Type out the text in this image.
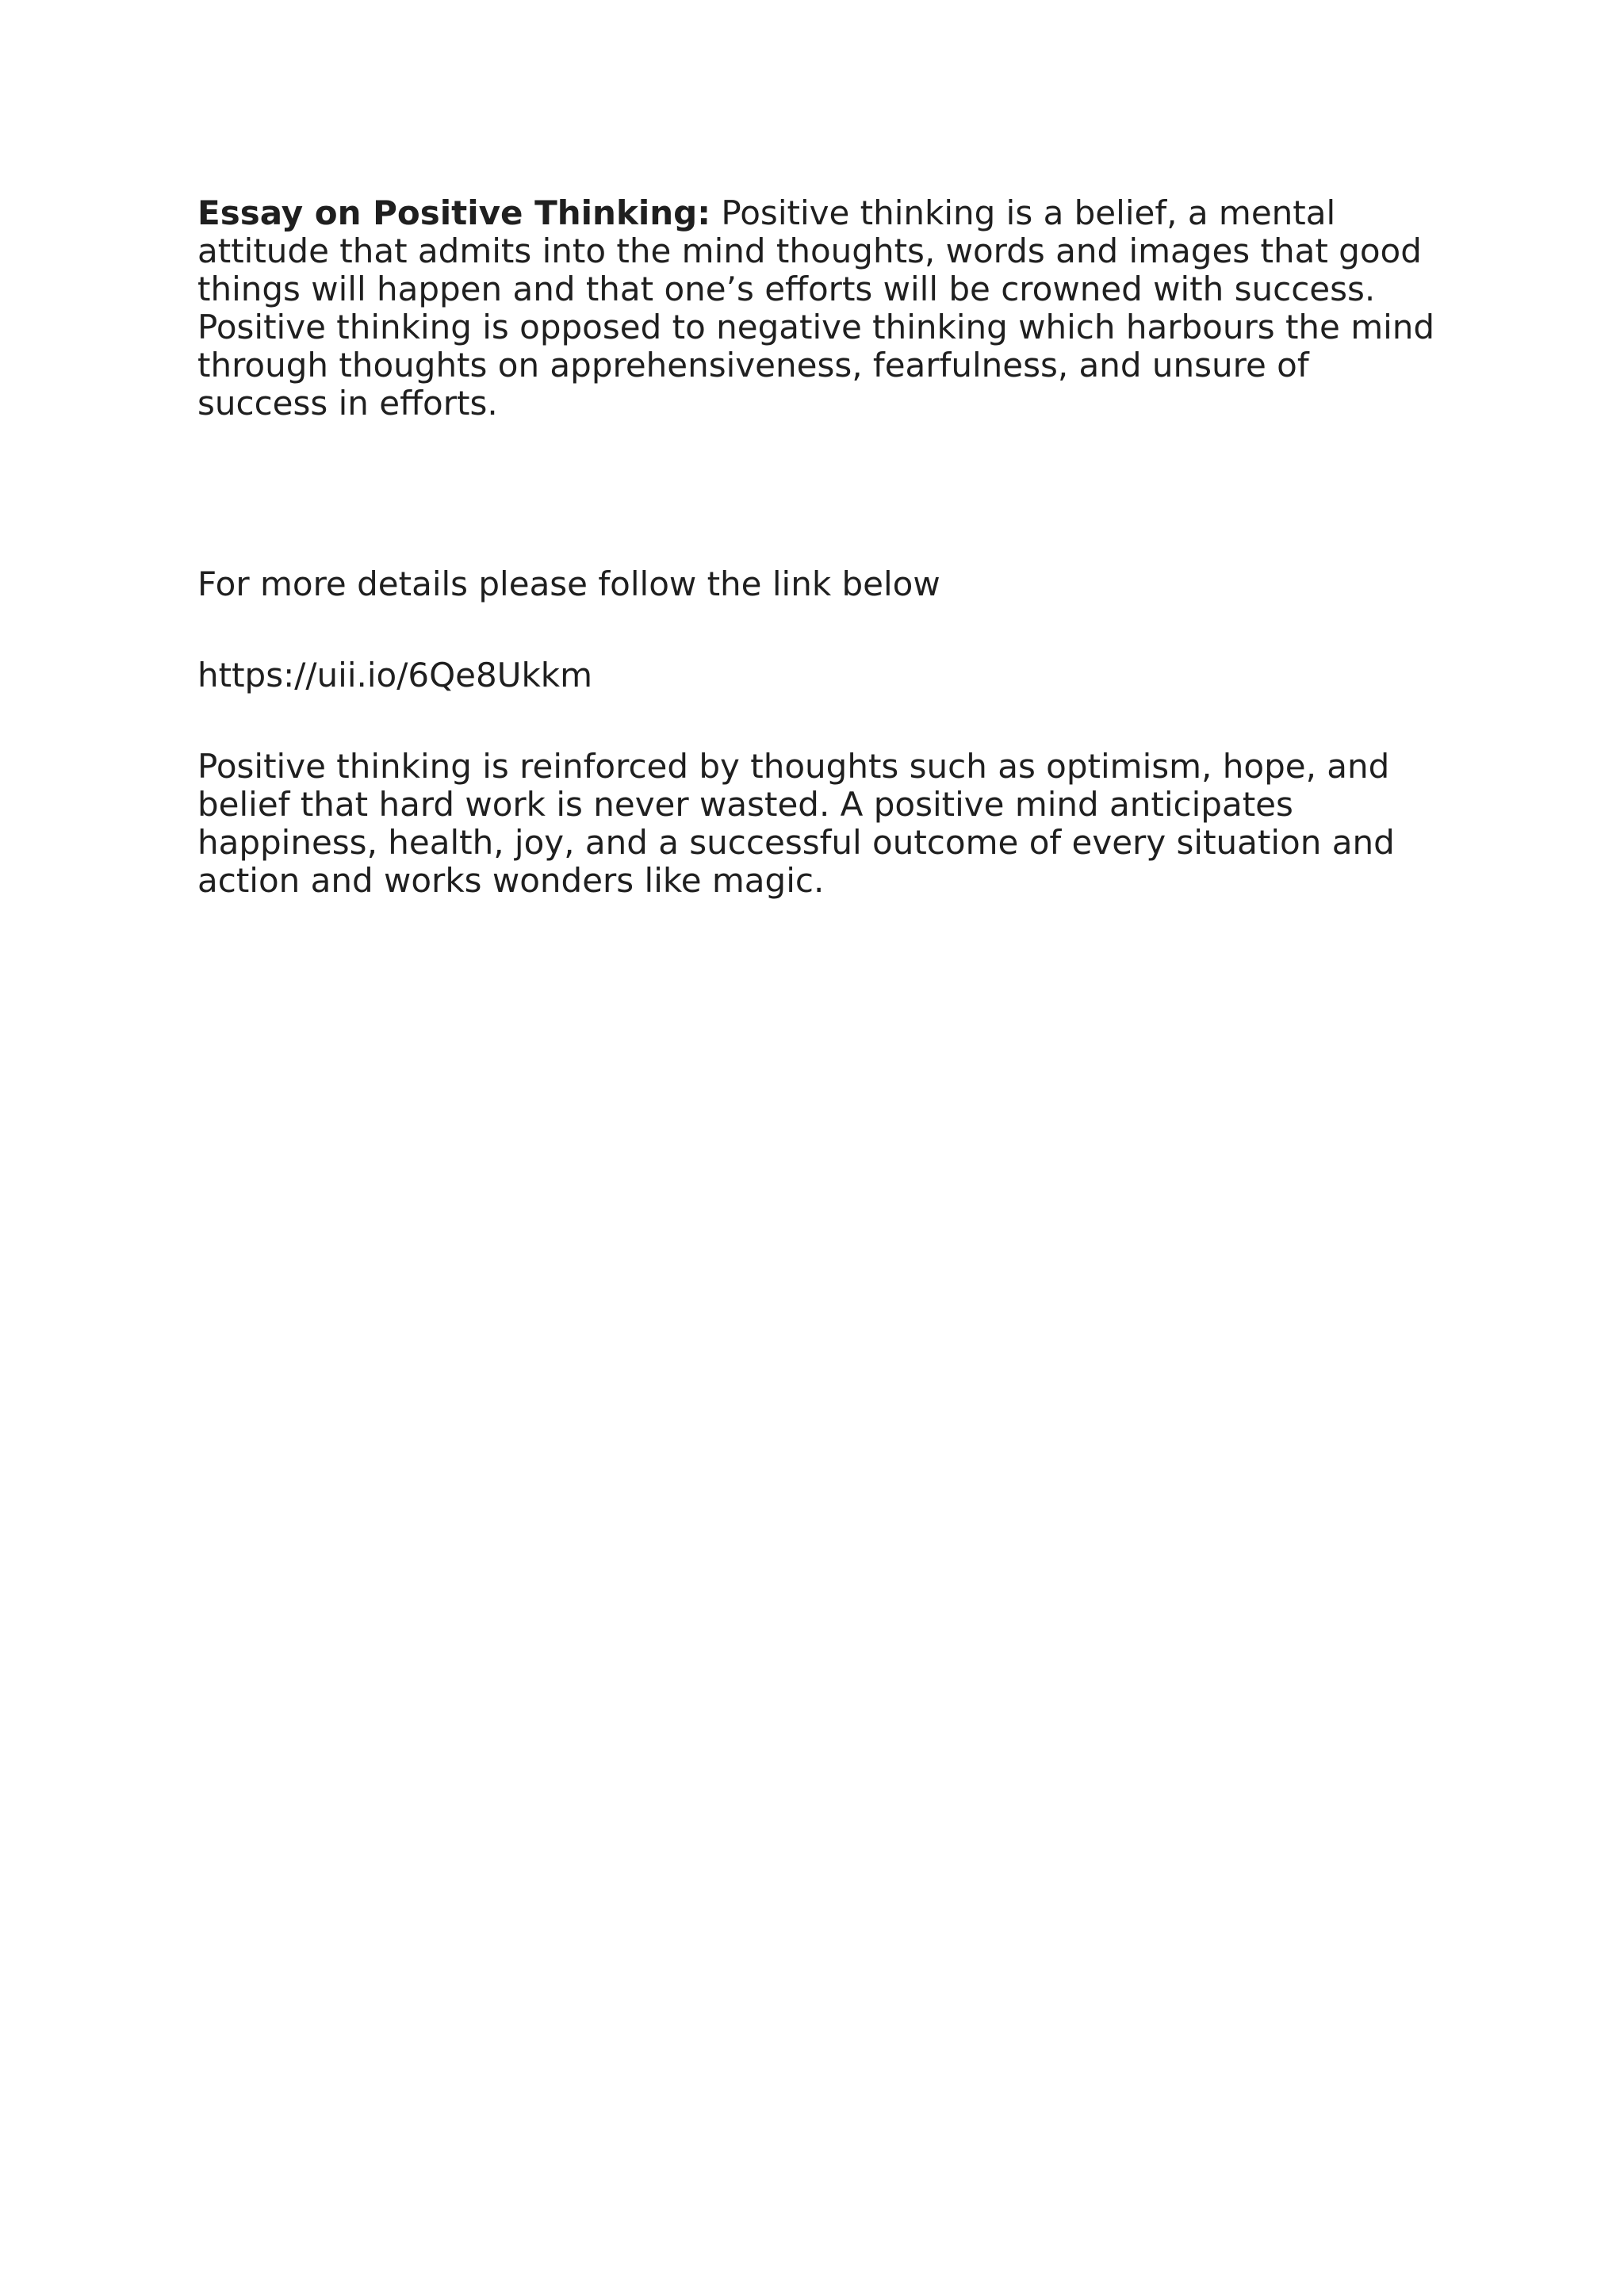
Essay on Positive Thinking: Positive thinking is a belief, a mental
attitude that admits into the mind thoughts, words and images that good
things will happen and that one’s efforts will be crowned with success.
Positive thinking is opposed to negative thinking which harbours the mind
through thoughts on apprehensiveness, fearfulness, and unsure of
success in efforts.

For more details please follow the link below

https://uii.io/6Qe8Ukkm

Positive thinking is reinforced by thoughts such as optimism, hope, and
belief that hard work is never wasted. A positive mind anticipates
happiness, health, joy, and a successful outcome of every situation and
action and works wonders like magic.
